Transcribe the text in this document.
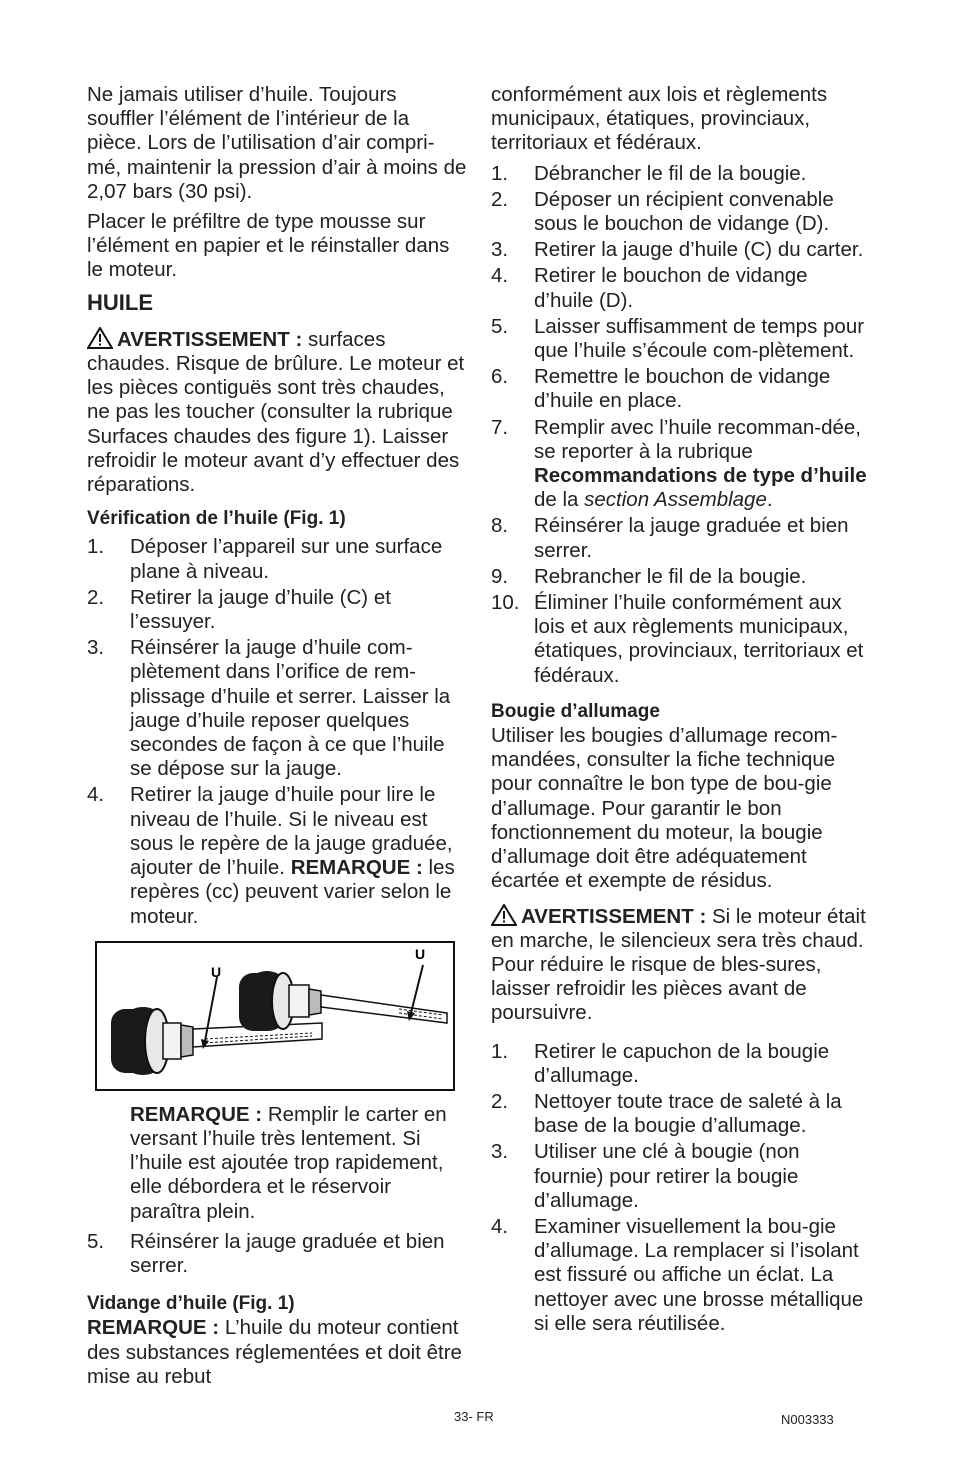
Ne jamais utiliser d’huile. Toujours souffler l’élément de l’intérieur de la pièce. Lors de l’utilisation d’air compri-mé, maintenir la pression d’air à moins de 2,07 bars (30 psi).

Placer le préfiltre de type mousse sur l’élément en papier et le réinstaller dans le moteur.

HUILE

AVERTISSEMENT : surfaces chaudes. Risque de brûlure. Le moteur et les pièces contiguës sont très chaudes, ne pas les toucher (consulter la rubrique Surfaces chaudes des figure 1). Laisser refroidir le moteur avant d’y effectuer des réparations.

Vérification de l’huile (Fig. 1)
1. Déposer l’appareil sur une surface plane à niveau.
2. Retirer la jauge d’huile (C) et l’essuyer.
3. Réinsérer la jauge d’huile com-plètement dans l’orifice de rem-plissage d’huile et serrer. Laisser la jauge d’huile reposer quelques secondes de façon à ce que l’huile se dépose sur la jauge.
4. Retirer la jauge d’huile pour lire le niveau de l’huile. Si le niveau est sous le repère de la jauge graduée, ajouter de l’huile. REMARQUE : les repères (cc) peuvent varier selon le moteur.
U
U

REMARQUE : Remplir le carter en versant l’huile très lentement. Si l’huile est ajoutée trop rapidement, elle débordera et le réservoir paraîtra plein.

5. Réinsérer la jauge graduée et bien serrer.
Vidange d’huile (Fig. 1)

REMARQUE : L’huile du moteur contient des substances réglementées et doit être mise au rebut

conformément aux lois et règlements municipaux, étatiques, provinciaux, territoriaux et fédéraux.

1. Débrancher le fil de la bougie.
2. Déposer un récipient convenable sous le bouchon de vidange (D).
3. Retirer la jauge d’huile (C) du carter.
4. Retirer le bouchon de vidange d’huile (D).
5. Laisser suffisamment de temps pour que l’huile s’écoule com-plètement.
6. Remettre le bouchon de vidange d’huile en place.
7. Remplir avec l’huile recomman-dée, se reporter à la rubrique Recommandations de type d’huile de la section Assemblage.
8. Réinsérer la jauge graduée et bien serrer.
9. Rebrancher le fil de la bougie.
10. Éliminer l’huile conformément aux lois et aux règlements municipaux, étatiques, provinciaux, territoriaux et fédéraux.
Bougie d’allumage

Utiliser les bougies d’allumage recom-mandées, consulter la fiche technique pour connaître le bon type de bou-gie d’allumage. Pour garantir le bon fonctionnement du moteur, la bougie d’allumage doit être adéquatement écartée et exempte de résidus.

AVERTISSEMENT : Si le moteur était en marche, le silencieux sera très chaud. Pour réduire le risque de bles-sures, laisser refroidir les pièces avant de poursuivre.

1. Retirer le capuchon de la bougie d’allumage.
2. Nettoyer toute trace de saleté à la base de la bougie d’allumage.
3. Utiliser une clé à bougie (non fournie) pour retirer la bougie d’allumage.
4. Examiner visuellement la bou-gie d’allumage. La remplacer si l’isolant est fissuré ou affiche un éclat. La nettoyer avec une brosse métallique si elle sera réutilisée.
33- FR	N003333
